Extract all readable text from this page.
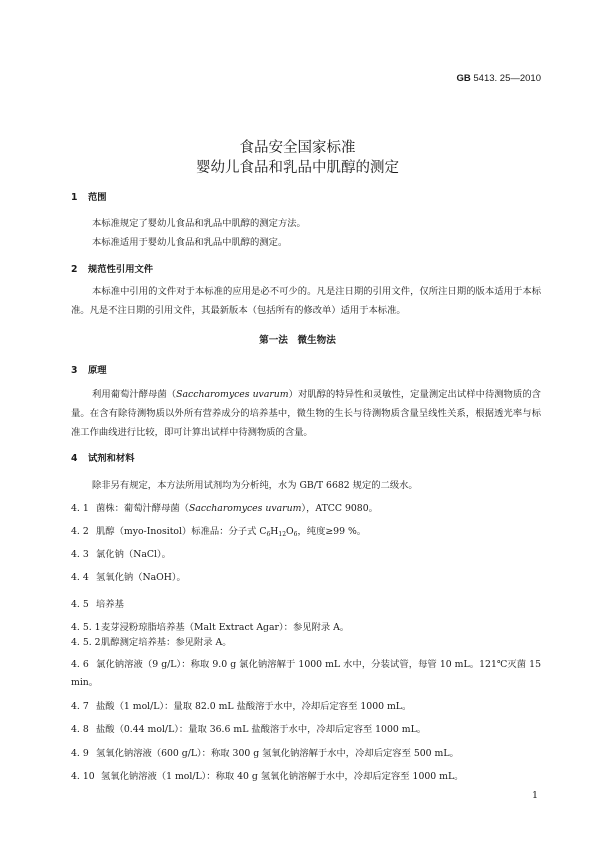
GB 5413. 25—2010
食品安全国家标准
婴幼儿食品和乳品中肌醇的测定
1 范围
本标准规定了婴幼儿食品和乳品中肌醇的测定方法。
本标准适用于婴幼儿食品和乳品中肌醇的测定。
2 规范性引用文件
本标准中引用的文件对于本标准的应用是必不可少的。凡是注日期的引用文件，仅所注日期的版本适用于本标准。凡是不注日期的引用文件，其最新版本（包括所有的修改单）适用于本标准。
第一法　微生物法
3 原理
利用葡萄汁酵母菌（Saccharomyces uvarum）对肌醇的特异性和灵敏性，定量测定出试样中待测物质的含量。在含有除待测物质以外所有营养成分的培养基中，微生物的生长与待测物质含量呈线性关系，根据透光率与标准工作曲线进行比较，即可计算出试样中待测物质的含量。
4 试剂和材料
除非另有规定，本方法所用试剂均为分析纯，水为 GB/T 6682 规定的二级水。
4. 1 菌株：葡萄汁酵母菌（Saccharomyces uvarum），ATCC 9080。
4. 2 肌醇（myo-Inositol）标准品：分子式 $C_6H_{12}O_6$，纯度≥99 %。
4. 3 氯化钠（NaCl）。
4. 4 氢氧化钠（NaOH）。
4. 5 培养基
4. 5. 1麦芽浸粉琼脂培养基（Malt Extract Agar）：参见附录 A。
4. 5. 2肌醇测定培养基：参见附录 A。
4. 6 氯化钠溶液（9 g/L）：称取 9.0 g 氯化钠溶解于 1000 mL 水中，分装试管，每管 10 mL。121℃灭菌 15 min。
4. 7 盐酸（1 mol/L）：量取 82.0 mL 盐酸溶于水中，冷却后定容至 1000 mL。
4. 8 盐酸（0.44 mol/L）：量取 36.6 mL 盐酸溶于水中，冷却后定容至 1000 mL。
4. 9 氢氧化钠溶液（600 g/L）：称取 300 g 氢氧化钠溶解于水中，冷却后定容至 500 mL。
4. 10 氢氧化钠溶液（1 mol/L）：称取 40 g 氢氧化钠溶解于水中，冷却后定容至 1000 mL。
1
